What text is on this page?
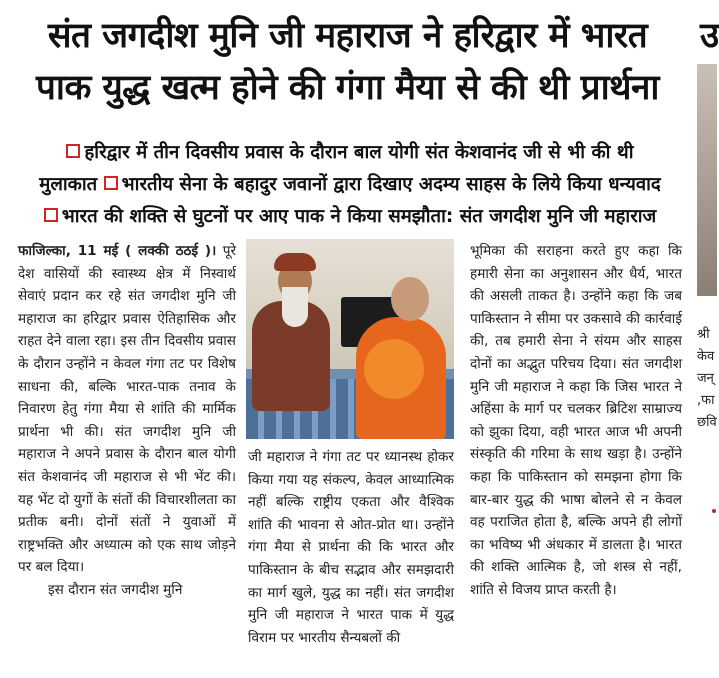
संत जगदीश मुनि जी महाराज ने हरिद्वार में भारत
पाक युद्ध खत्म होने की गंगा मैया से की थी प्रार्थना
हरिद्वार में तीन दिवसीय प्रवास के दौरान बाल योगी संत केशवानंद जी से भी की थी
मुलाकात भारतीय सेना के बहादुर जवानों द्वारा दिखाए अदम्य साहस के लिये किया धन्यवाद
भारत की शक्ति से घुटनों पर आए पाक ने किया समझौता: संत जगदीश मुनि जी महाराज

फाजिल्का, 11 मई ( लक्की ठठई )। पूरे देश वासियों की स्वास्थ्य क्षेत्र में निस्वार्थ सेवाएं प्रदान कर रहे संत जगदीश मुनि जी महाराज का हरिद्वार प्रवास ऐतिहासिक और राहत देने वाला रहा। इस तीन दिवसीय प्रवास के दौरान उन्होंने न केवल गंगा तट पर विशेष साधना की, बल्कि भारत-पाक तनाव के निवारण हेतु गंगा मैया से शांति की मार्मिक प्रार्थना भी की। संत जगदीश मुनि जी महाराज ने अपने प्रवास के दौरान बाल योगी संत केशवानंद जी महाराज से भी भेंट की। यह भेंट दो युगों के संतों की विचारशीलता का प्रतीक बनी। दोनों संतों ने युवाओं में राष्ट्रभक्ति और अध्यात्म को एक साथ जोड़ने पर बल दिया।

इस दौरान संत जगदीश मुनि

जी महाराज ने गंगा तट पर ध्यानस्थ होकर किया गया यह संकल्प, केवल आध्यात्मिक नहीं बल्कि राष्ट्रीय एकता और वैश्विक शांति की भावना से ओत-प्रोत था। उन्होंने गंगा मैया से प्रार्थना की कि भारत और पाकिस्तान के बीच सद्भाव और समझदारी का मार्ग खुले, युद्ध का नहीं। संत जगदीश मुनि जी महाराज ने भारत पाक में युद्ध विराम पर भारतीय सैन्यबलों की

भूमिका की सराहना करते हुए कहा कि हमारी सेना का अनुशासन और धैर्य, भारत की असली ताकत है। उन्होंने कहा कि जब पाकिस्तान ने सीमा पर उकसावे की कार्रवाई की, तब हमारी सेना ने संयम और साहस दोनों का अद्भुत परिचय दिया। संत जगदीश मुनि जी महाराज ने कहा कि जिस भारत ने अहिंसा के मार्ग पर चलकर ब्रिटिश साम्राज्य को झुका दिया, वही भारत आज भी अपनी संस्कृति की गरिमा के साथ खड़ा है। उन्होंने कहा कि पाकिस्तान को समझना होगा कि बार-बार युद्ध की भाषा बोलने से न केवल वह पराजित होता है, बल्कि अपने ही लोगों का भविष्य भी अंधकार में डालता है। भारत की शक्ति आत्मिक है, जो शस्त्र से नहीं, शांति से विजय प्राप्त करती है।

उ
श्री
केव
जन्
,फा
छवि
